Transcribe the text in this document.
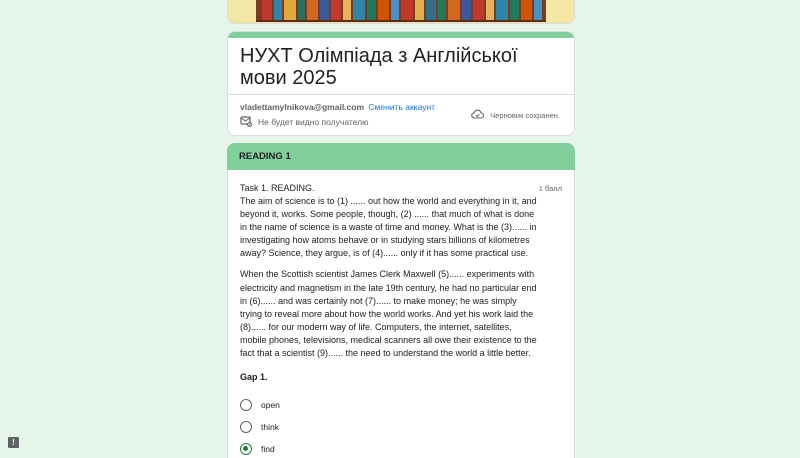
НУХТ Олімпіада з Англійської мови 2025
vladettamylnikova@gmail.com Сменить аккаунт
Не будет видно получателю
Черновик сохранен.
READING 1
Task 1. READING.	1 балл

The aim of science is to (1) ...... out how the world and everything in it, and beyond it, works. Some people, though, (2) ...... that much of what is done in the name of science is a waste of time and money. What is the (3)...... in investigating how atoms behave or in studying stars billions of kilometres away? Science, they argue, is of (4)...... only if it has some practical use.

When the Scottish scientist James Clerk Maxwell (5)...... experiments with electricity and magnetism in the late 19th century, he had no particular end in (6)...... and was certainly not (7)...... to make money; he was simply trying to reveal more about how the world works. And yet his work laid the (8)...... for our modern way of life. Computers, the internet, satellites, mobile phones, televisions, medical scanners all owe their existence to the fact that a scientist (9)...... the need to understand the world a little better.

Gap 1.
open
think
find
!
